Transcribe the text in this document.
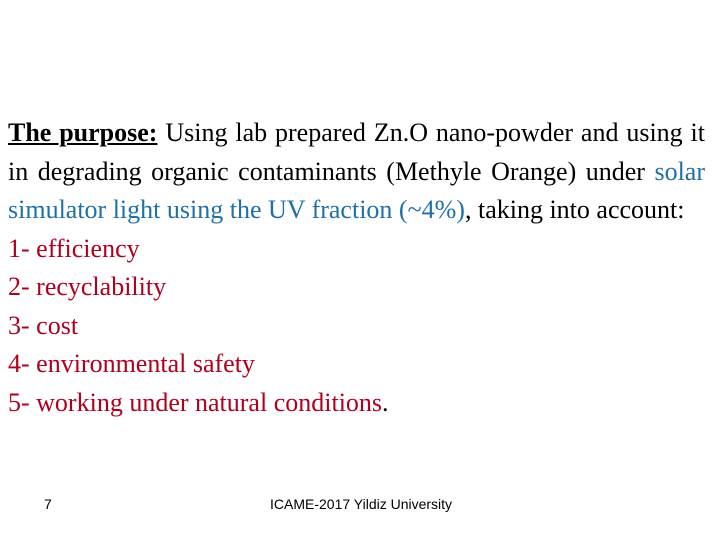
The purpose: Using lab prepared Zn.O nano-powder and using it in degrading organic contaminants (Methyle Orange) under solar simulator light using the UV fraction (~4%), taking into account:

1- efficiency
2- recyclability
3- cost
4- environmental safety
5- working under natural conditions.
7	ICAME-2017 Yildiz University
